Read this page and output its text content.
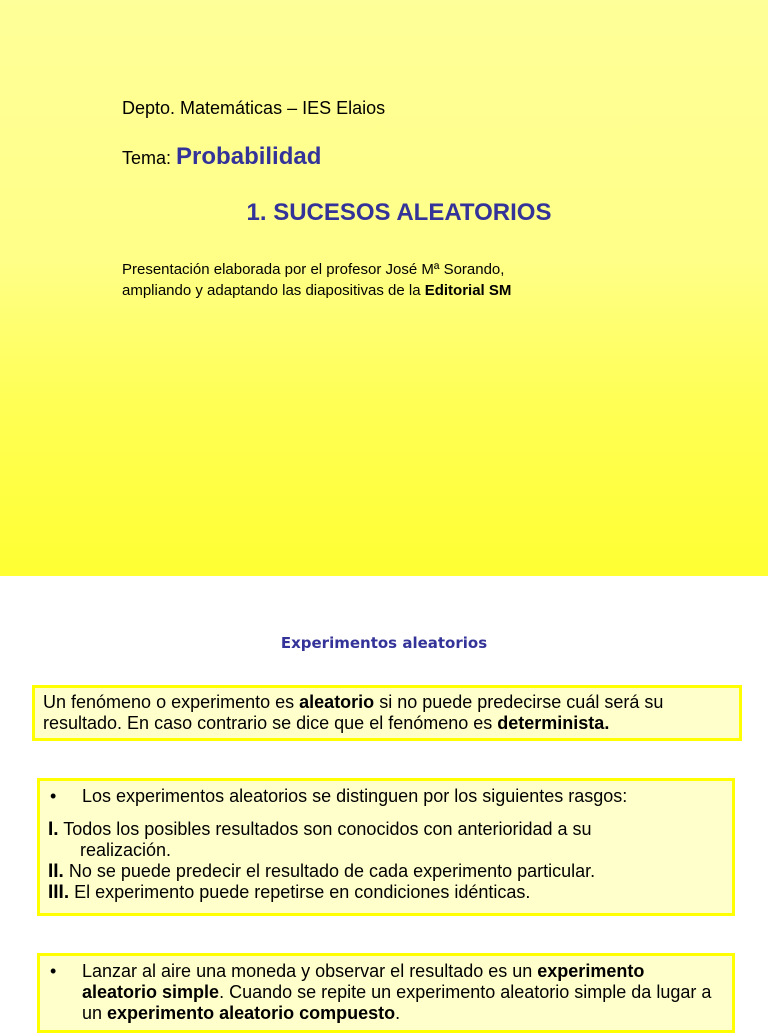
Depto. Matemáticas – IES Elaios
Tema: Probabilidad
1. SUCESOS ALEATORIOS
Presentación elaborada por el profesor José Mª Sorando,
ampliando y adaptando las diapositivas de la Editorial SM
Experimentos aleatorios
Un fenómeno o experimento es aleatorio si no puede predecirse cuál será su resultado. En caso contrario se dice que el fenómeno es determinista.
•	Los experimentos aleatorios se distinguen por los siguientes rasgos:
I. Todos los posibles resultados son conocidos con anterioridad a su
realización.
II. No se puede predecir el resultado de cada experimento particular.
III. El experimento puede repetirse en condiciones idénticas.
•	Lanzar al aire una moneda y observar el resultado es un experimento aleatorio simple. Cuando se repite un experimento aleatorio simple da lugar a un experimento aleatorio compuesto.
